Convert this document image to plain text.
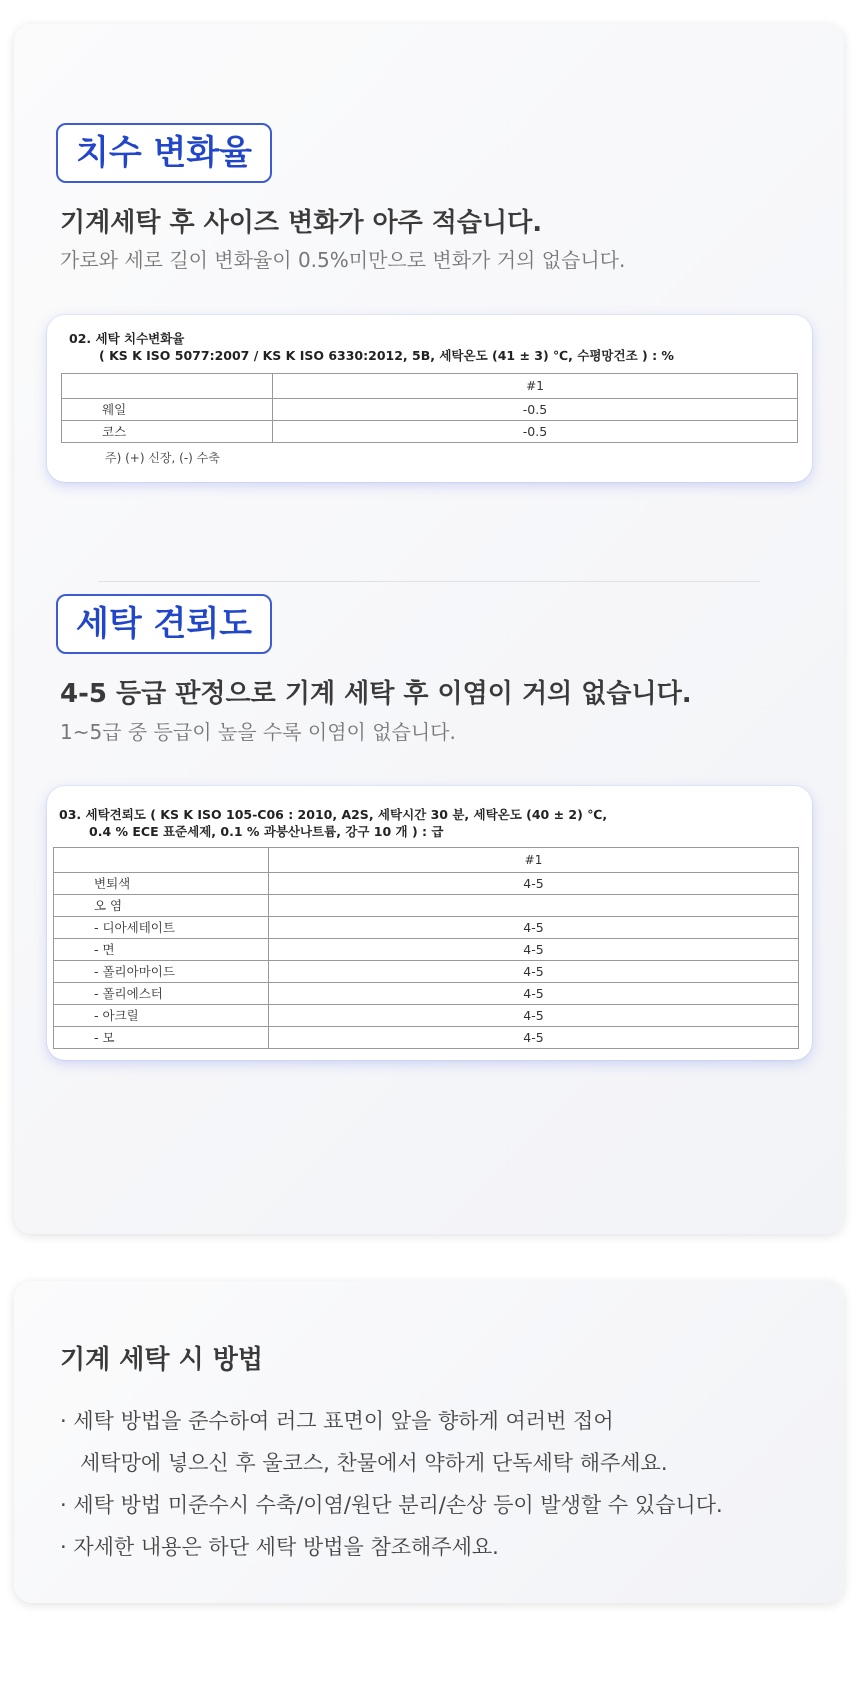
치수 변화율
기계세탁 후 사이즈 변화가 아주 적습니다.
가로와 세로 길이 변화율이 0.5%미만으로 변화가 거의 없습니다.
02. 세탁 치수변화율
( KS K ISO 5077:2007 / KS K ISO 6330:2012, 5B, 세탁온도 (41 ± 3) ℃, 수평망건조 ) : %
	#1
웨일	-0.5
코스	-0.5
주) (+) 신장, (-) 수축
세탁 견뢰도
4-5 등급 판정으로 기계 세탁 후 이염이 거의 없습니다.
1~5급 중 등급이 높을 수록 이염이 없습니다.
03. 세탁견뢰도 ( KS K ISO 105-C06 : 2010, A2S, 세탁시간 30 분, 세탁온도 (40 ± 2) ℃,
0.4 % ECE 표준세제, 0.1 % 과붕산나트륨, 강구 10 개 ) : 급
	#1
변퇴색	4-5
오 염	
- 디아세테이트	4-5
- 면	4-5
- 폴리아마이드	4-5
- 폴리에스터	4-5
- 아크릴	4-5
- 모	4-5
기계 세탁 시 방법
· 세탁 방법을 준수하여 러그 표면이 앞을 향하게 여러번 접어
세탁망에 넣으신 후 울코스, 찬물에서 약하게 단독세탁 해주세요.
· 세탁 방법 미준수시 수축/이염/원단 분리/손상 등이 발생할 수 있습니다.
· 자세한 내용은 하단 세탁 방법을 참조해주세요.
